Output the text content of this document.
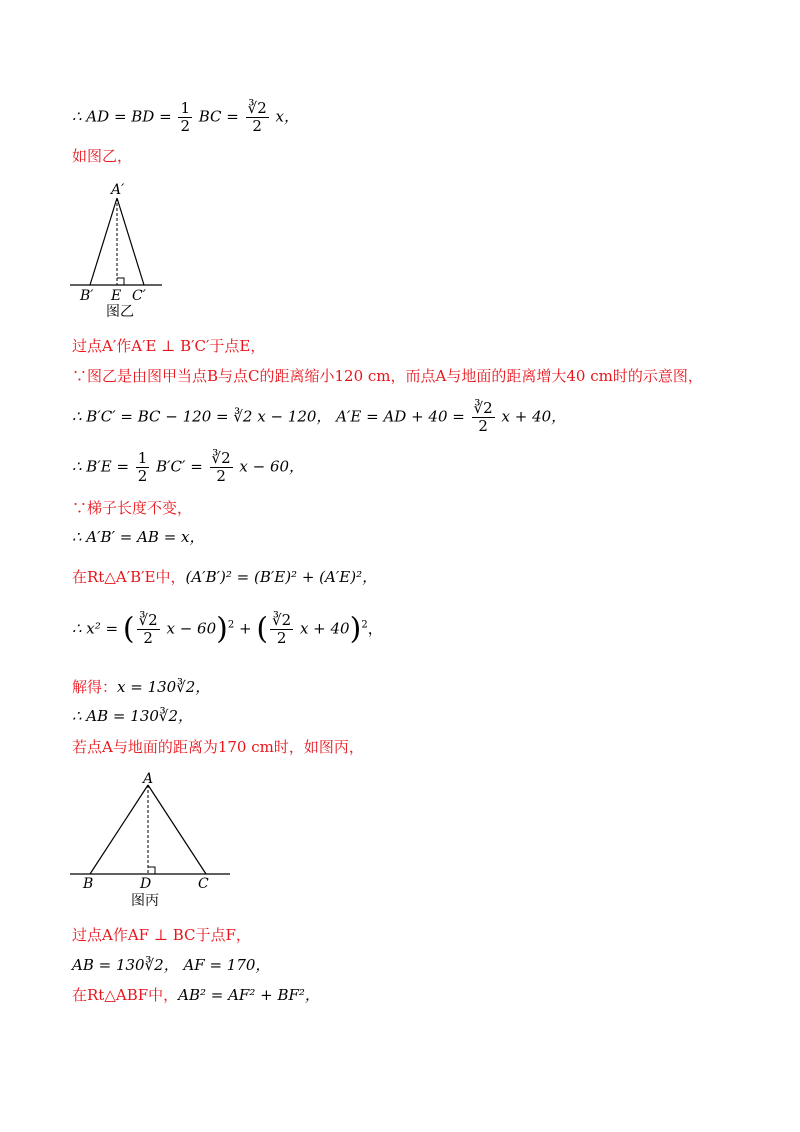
∴ AD = BD = $\frac{1}{2}$ BC = $\frac{∛2}{2}$ x，
如图乙，
A′
B′ E C′
图乙
过点A′作A′E ⊥ B′C′于点E，
∵图乙是由图甲当点B与点C的距离缩小120 cm，而点A与地面的距离增大40 cm时的示意图，
∴ B′C′ = BC − 120 = ∛2 x − 120， A′E = AD + $40 = \frac{∛2}{2}$ x + 40，
∴ $B'E = \frac{1}{2} B'C' = \frac{∛2}{2}$ x − 60，
∵梯子长度不变，
∴ A′B′ = AB = x，
在Rt△A′B′E中，(A′B′)² = (B′E)² + (A′E)²，
∴ x² = ( $\frac{∛2}{2}$ x − 60)$^2$ + ( $\frac{∛2}{2}$ x + 40)$^2$，
解得：x = 130∛2，
∴ AB = 130∛2，
若点A与地面的距离为170 cm时，如图丙，
A
B	D	C
图丙
过点A作AF ⊥ BC于点F，
AB = 130∛2， AF = 170，
在Rt△ABF中，AB² = AF² + BF²，
